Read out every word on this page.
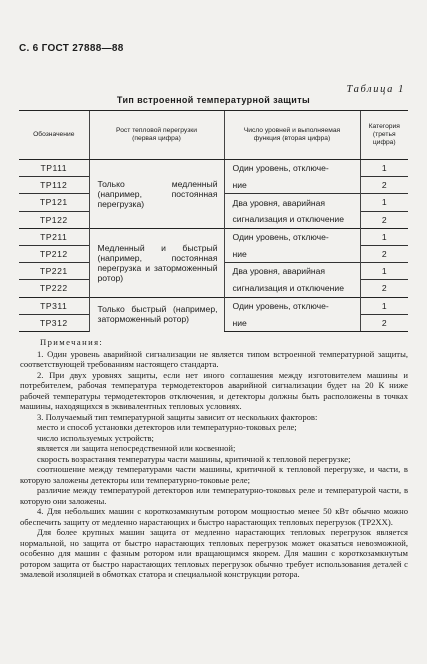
С. 6 ГОСТ 27888—88
Таблица 1
Тип встроенной температурной защиты
Обозначение	Рост тепловой перегрузки (первая цифра)	Число уровней и выполняемая функция (вторая цифра)	Категория (третья цифра)
ТР111	Только медленный (например, постоянная перегрузка)	Один уровень, отключе-	1
ТР112		ние	2
ТР121		Два уровня, аварийная	1
ТР122		сигнализация и отключение	2
ТР211	Медленный и быстрый (например, постоянная перегрузка и заторможенный ротор)	Один уровень, отключе-	1
ТР212		ние	2
ТР221		Два уровня, аварийная	1
ТР222		сигнализация и отключение	2
ТР311	Только быстрый (например, заторможенный ротор)	Один уровень, отключе-	1
ТР312		ние	2

Примечания:

1. Один уровень аварийной сигнализации не является типом встроенной температурной защиты, соответствующей требованиям настоящего стандарта.

2. При двух уровнях защиты, если нет иного соглашения между изготовителем машины и потребителем, рабочая температура термодетекторов аварийной сигнализации будет на 20 К ниже рабочей температуры термодетекторов отключения, и детекторы должны быть расположены в точках машины, находящихся в эквивалентных тепловых условиях.

3. Получаемый тип температурной защиты зависит от нескольких факторов:

место и способ установки детекторов или температурно-токовых реле;

число используемых устройств;

является ли защита непосредственной или косвенной;

скорость возрастания температуры части машины, критичной к тепловой перегрузке;

соотношение между температурами части машины, критичной к тепловой перегрузке, и части, в которую заложены детекторы или температурно-токовые реле;

различие между температурой детекторов или температурно-токовых реле и температурой части, в которую они заложены.

4. Для небольших машин с короткозамкнутым ротором мощностью менее 50 кВт обычно можно обеспечить защиту от медленно нарастающих и быстро нарастающих тепловых перегрузок (ТР2ХХ).

Для более крупных машин защита от медленно нарастающих тепловых перегрузок является нормальной, но защита от быстро нарастающих тепловых перегрузок может оказаться невозможной, особенно для машин с фазным ротором или вращающимся якорем. Для машин с короткозамкнутым ротором защита от быстро нарастающих тепловых перегрузок обычно требует использования деталей с эмалевой изоляцией в обмотках статора и специальной конструкции ротора.
